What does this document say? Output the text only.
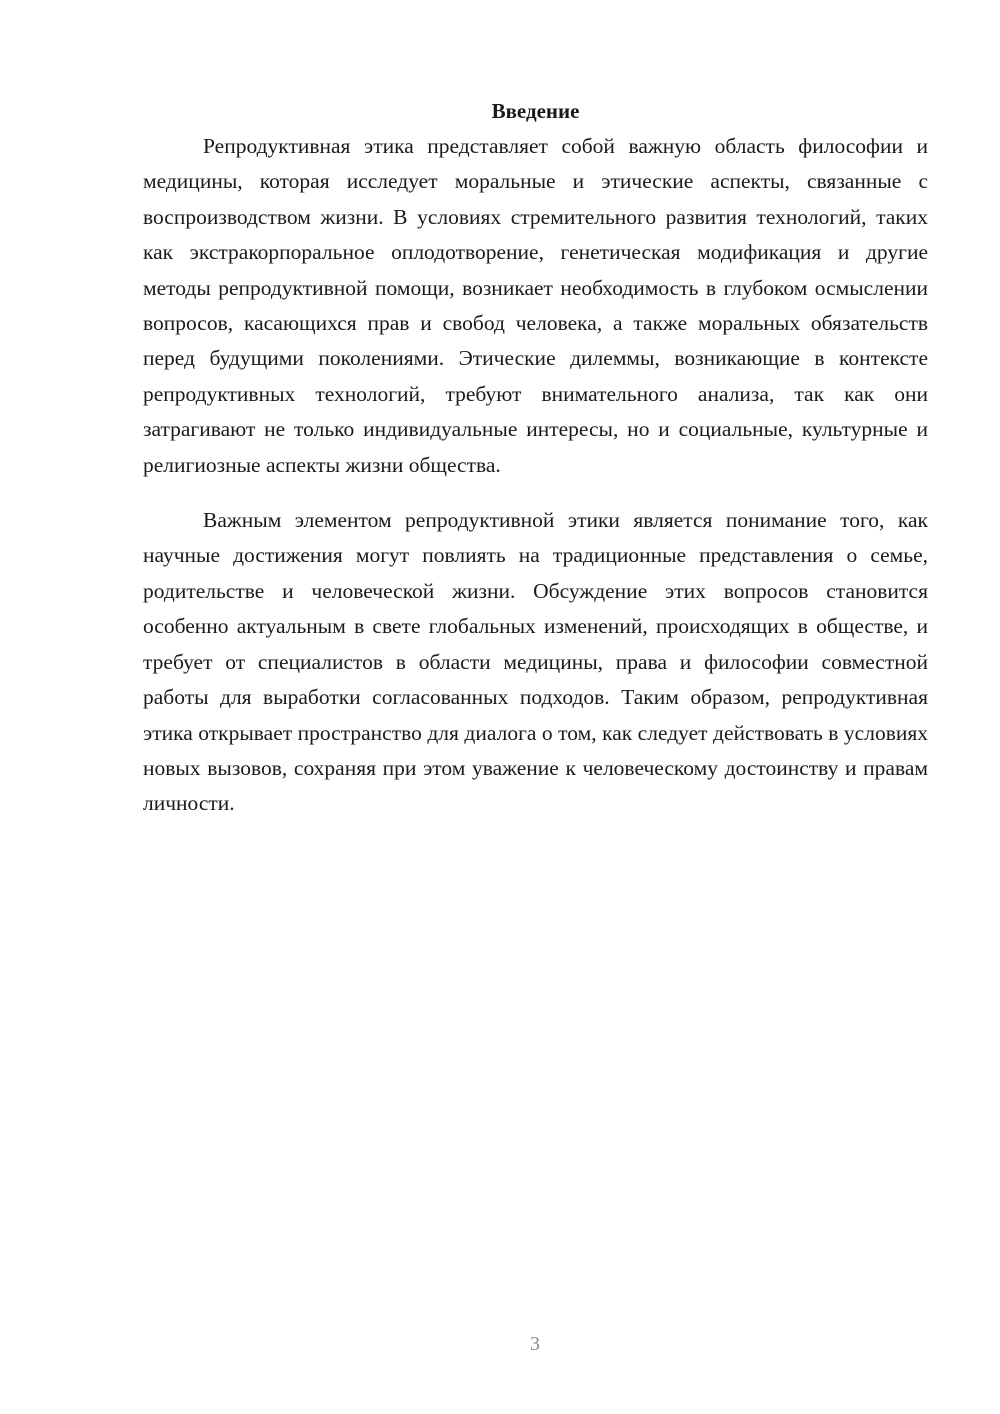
Введение

Репродуктивная этика представляет собой важную область философии и медицины, которая исследует моральные и этические аспекты, связанные с воспроизводством жизни. В условиях стремительного развития технологий, таких как экстракорпоральное оплодотворение, генетическая модификация и другие методы репродуктивной помощи, возникает необходимость в глубоком осмыслении вопросов, касающихся прав и свобод человека, а также моральных обязательств перед будущими поколениями. Этические дилеммы, возникающие в контексте репродуктивных технологий, требуют внимательного анализа, так как они затрагивают не только индивидуальные интересы, но и социальные, культурные и религиозные аспекты жизни общества.

Важным элементом репродуктивной этики является понимание того, как научные достижения могут повлиять на традиционные представления о семье, родительстве и человеческой жизни. Обсуждение этих вопросов становится особенно актуальным в свете глобальных изменений, происходящих в обществе, и требует от специалистов в области медицины, права и философии совместной работы для выработки согласованных подходов. Таким образом, репродуктивная этика открывает пространство для диалога о том, как следует действовать в условиях новых вызовов, сохраняя при этом уважение к человеческому достоинству и правам личности.

3
